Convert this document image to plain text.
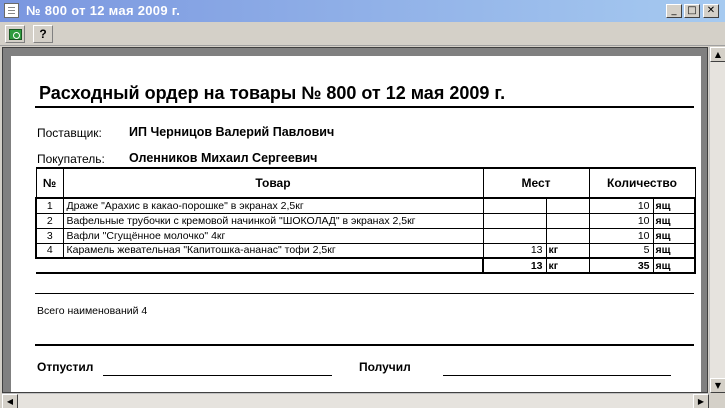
№ 800 от 12 мая 2009 г.	_	□	✕
?
Расходный ордер на товары № 800 от 12 мая 2009 г.
Поставщик: ИП Черницов Валерий Павлович
Покупатель: Оленников Михаил Сергеевич
№	Товар	Мест		Количество	
1	Драже "Арахис в какао-порошке" в экранах 2,5кг			10	ящ
2	Вафельные трубочки с кремовой начинкой "ШОКОЛАД" в экранах 2,5кг			10	ящ
3	Вафли "Сгущённое молочко" 4кг			10	ящ
4	Карамель жевательная "Капитошка-ананас" тофи 2,5кг	13	кг	5	ящ
		13	кг	35	ящ
Всего наименований 4
Отпустил	Получил
▲
▼
◀	▶
